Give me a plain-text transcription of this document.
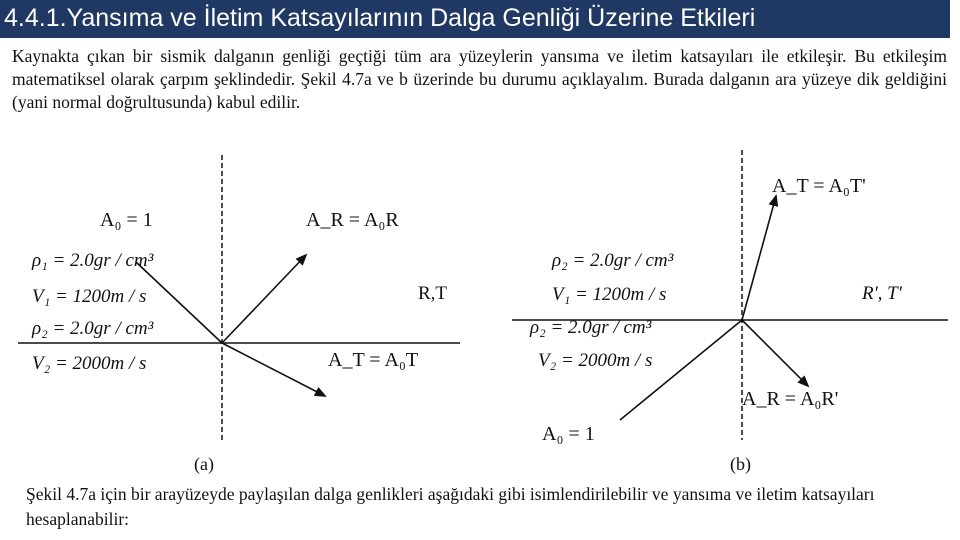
4.4.1.Yansıma ve İletim Katsayılarının Dalga Genliği Üzerine Etkileri
Kaynakta çıkan bir sismik dalganın genliği geçtiği tüm ara yüzeylerin yansıma ve iletim katsayıları ile etkileşir. Bu etkileşim matematiksel olarak çarpım şeklindedir. Şekil 4.7a ve b üzerinde bu durumu açıklayalım. Burada dalganın ara yüzeye dik geldiğini (yani normal doğrultusunda) kabul edilir.
A₀ = 1
ρ₁ = 2.0gr / cm³
V₁ = 1200m / s
ρ₂ = 2.0gr / cm³
V₂ = 2000m / s
A_R = A₀R
A_T = A₀T
R,T
(a)
A_T = A₀T'
ρ₂ = 2.0gr / cm³
V₁ = 1200m / s
ρ₂ = 2.0gr / cm³
V₂ = 2000m / s
R', T'
A_R = A₀R'
A₀ = 1
(b)
Şekil 4.7a için bir arayüzeyde paylaşılan dalga genlikleri aşağıdaki gibi isimlendirilebilir ve yansıma ve iletim katsayıları hesaplanabilir:
